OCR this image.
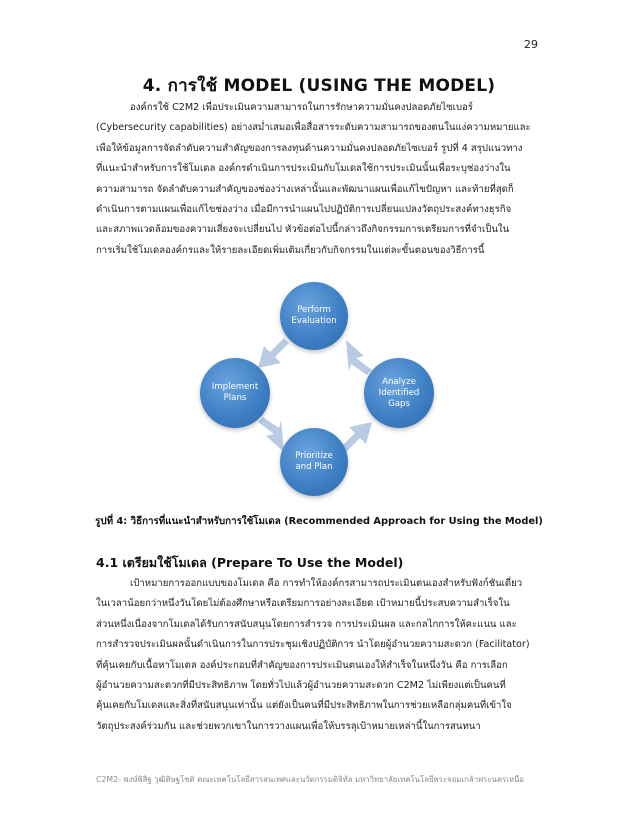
29
4. การใช้ MODEL (USING THE MODEL)
องค์กรใช้ C2M2 เพื่อประเมินความสามารถในการรักษาความมั่นคงปลอดภัยไซเบอร์
(Cybersecurity capabilities) อย่างสม่ำเสมอเพื่อสื่อสารระดับความสามารถของตนในแง่ความหมายและ
เพื่อให้ข้อมูลการจัดลำดับความสำคัญของการลงทุนด้านความมั่นคงปลอดภัยไซเบอร์ รูปที่ 4 สรุปแนวทาง
ที่แนะนำสำหรับการใช้โมเดล องค์กรดำเนินการประเมินกับโมเดลใช้การประเมินนั้นเพื่อระบุช่องว่างใน
ความสามารถ จัดลำดับความสำคัญของช่องว่างเหล่านั้นและพัฒนาแผนเพื่อแก้ไขปัญหา และท้ายที่สุดก็
ดำเนินการตามแผนเพื่อแก้ไขช่องว่าง เมื่อมีการนำแผนไปปฏิบัติการเปลี่ยนแปลงวัตถุประสงค์ทางธุรกิจ
และสภาพแวดล้อมของความเสี่ยงจะเปลี่ยนไป หัวข้อต่อไปนี้กล่าวถึงกิจกรรมการเตรียมการที่จำเป็นใน
การเริ่มใช้โมเดลองค์กรและให้รายละเอียดเพิ่มเติมเกี่ยวกับกิจกรรมในแต่ละขั้นตอนของวิธีการนี้
Perform Evaluation
Analyze Identified Gaps
Prioritize and Plan
Implement Plans
รูปที่ 4: วิธีการที่แนะนำสำหรับการใช้โมเดล (Recommended Approach for Using the Model)
4.1 เตรียมใช้โมเดล (Prepare To Use the Model)
เป้าหมายการออกแบบของโมเดล คือ การทำให้องค์กรสามารถประเมินตนเองสำหรับฟังก์ชันเดี่ยว
ในเวลาน้อยกว่าหนึ่งวันโดยไม่ต้องศึกษาหรือเตรียมการอย่างละเอียด เป้าหมายนี้ประสบความสำเร็จใน
ส่วนหนึ่งเนื่องจากโมเดลได้รับการสนับสนุนโดยการสำรวจ การประเมินผล และกลไกการให้คะแนน และ
การสำรวจประเมินผลนั้นดำเนินการในการประชุมเชิงปฏิบัติการ นำโดยผู้อำนวยความสะดวก (Facilitator)
ที่คุ้นเคยกับเนื้อหาโมเดล องค์ประกอบที่สำคัญของการประเมินตนเองให้สำเร็จในหนึ่งวัน คือ การเลือก
ผู้อำนวยความสะดวกที่มีประสิทธิภาพ โดยทั่วไปแล้วผู้อำนวยความสะดวก C2M2 ไม่เพียงแต่เป็นคนที่
คุ้นเคยกับโมเดลและสิ่งที่สนับสนุนเท่านั้น แต่ยังเป็นคนที่มีประสิทธิภาพในการช่วยเหลือกลุ่มคนที่เข้าใจ
วัตถุประสงค์ร่วมกัน และช่วยพวกเขาในการวางแผนเพื่อให้บรรลุเป้าหมายเหล่านี้ในการสนทนา
C2M2- พงษ์พิสิฐ วุฒิดิษฐโชติ คณะเทคโนโลยีสารสนเทศและนวัตกรรมดิจิทัล มหาวิทยาลัยเทคโนโลยีพระจอมเกล้าพระนครเหนือ
